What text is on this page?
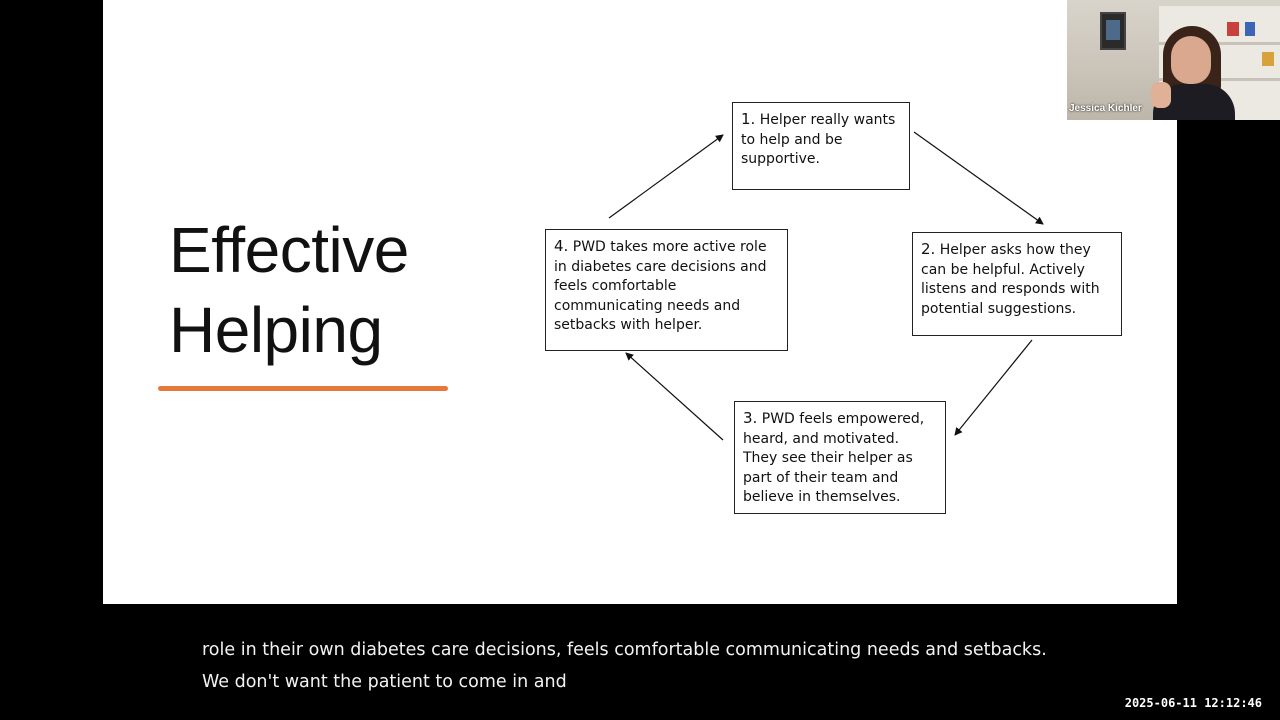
Effective
Helping
1. Helper really wants to help and be supportive.
2. Helper asks how they can be helpful. Actively listens and responds with potential suggestions.
3. PWD feels empowered, heard, and motivated. They see their helper as part of their team and believe in themselves.
4. PWD takes more active role in diabetes care decisions and feels comfortable communicating needs and setbacks with helper.
Jessica Kichler
role in their own diabetes care decisions, feels comfortable communicating needs and setbacks.
We don't want the patient to come in and
2025-06-11 12:12:46
